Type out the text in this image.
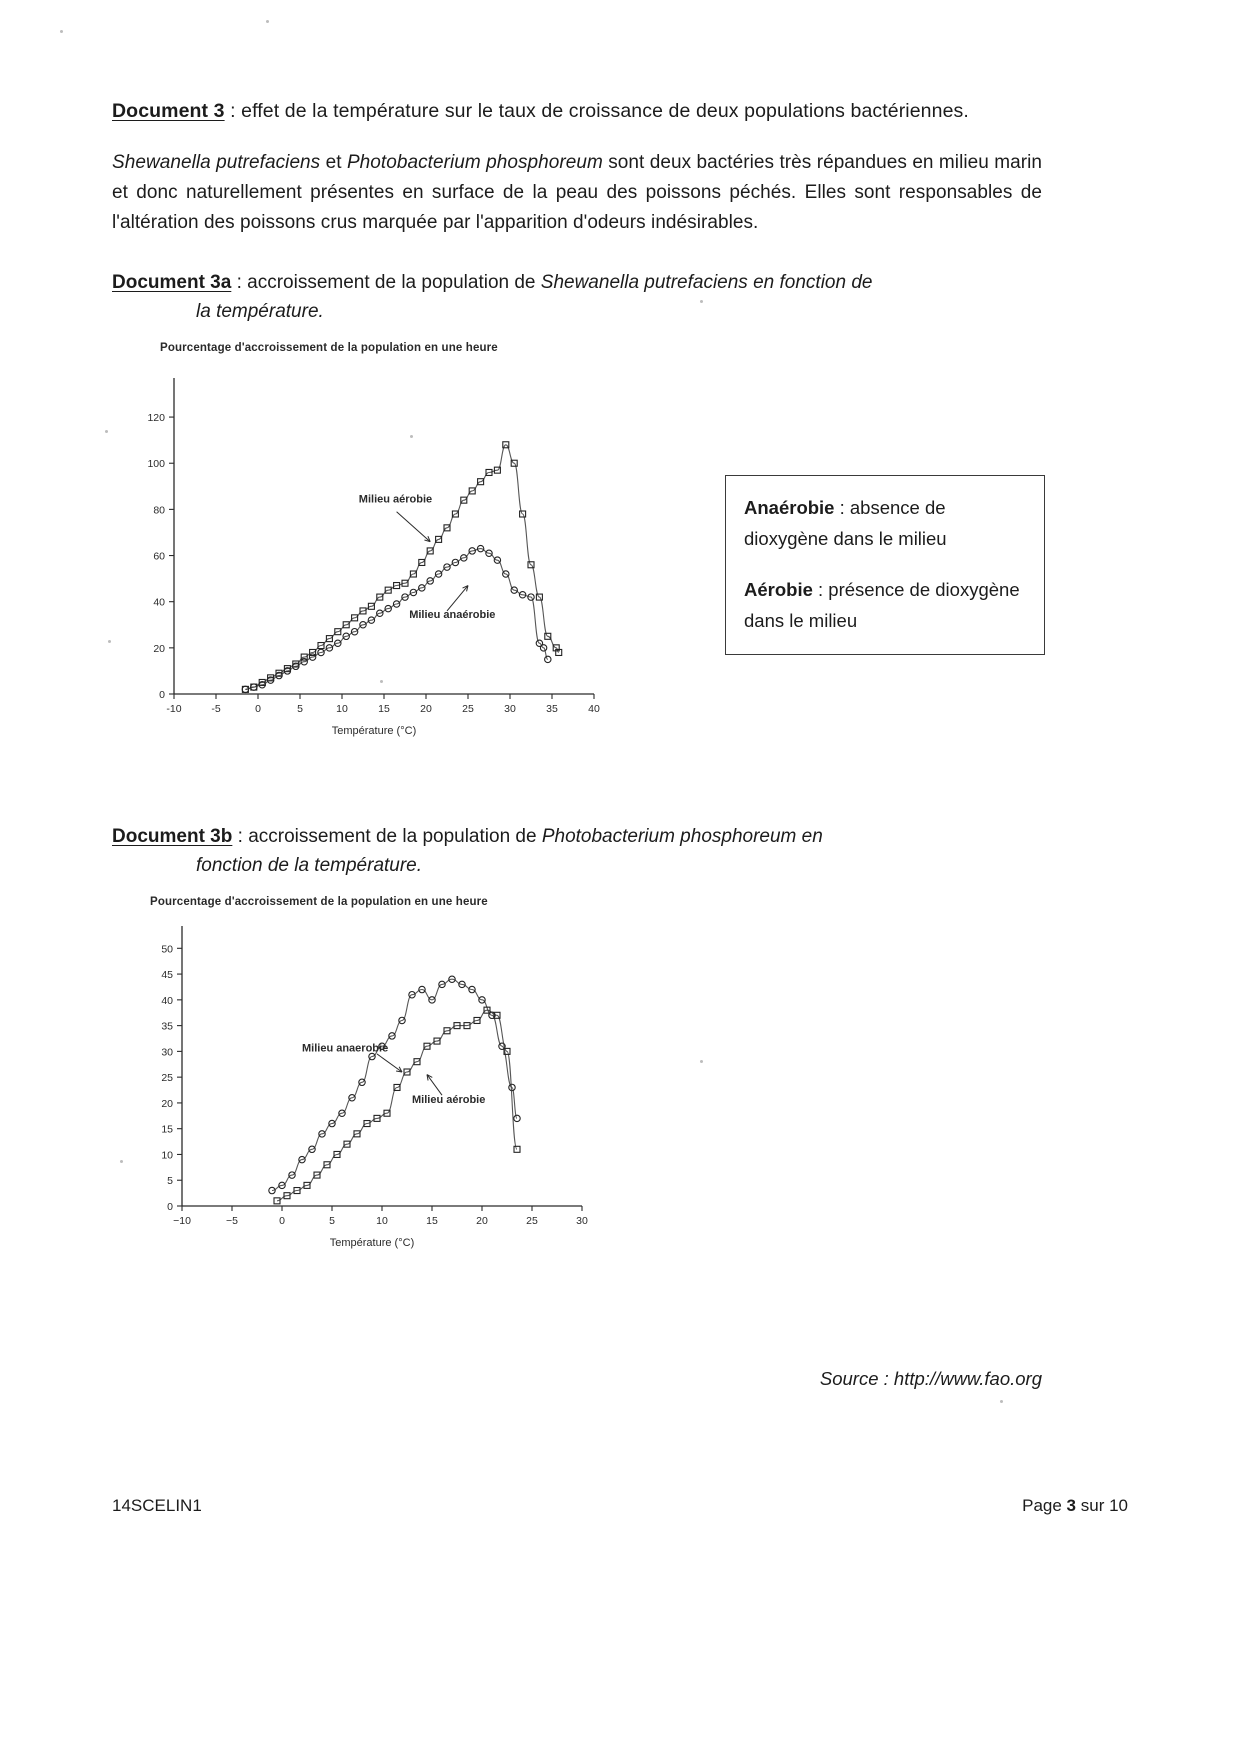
Document 3 : effet de la température sur le taux de croissance de deux populations bactériennes.
Shewanella putrefaciens et Photobacterium phosphoreum sont deux bactéries très répandues en milieu marin et donc naturellement présentes en surface de la peau des poissons péchés. Elles sont responsables de l'altération des poissons crus marquée par l'apparition d'odeurs indésirables.
Document 3a : accroissement de la population de Shewanella putrefaciens en fonction de
la température.
Pourcentage d'accroissement de la population en une heure
0
20
40
60
80
100
120
-10	-5	0	5	10	15	20	25	30	35	40
Température (°C)
Milieu aérobie
Milieu anaérobie
Document 3b : accroissement de la population de Photobacterium phosphoreum en
fonction de la température.
Pourcentage d'accroissement de la population en une heure
0
5
10
15
20
25
30
35
40
45
50
−10	−5	0	5	10	15	20	25	30
Température (°C)
Milieu anaerobie
Milieu aérobie
Source : http://www.fao.org

Anaérobie : absence de dioxygène dans le milieu

Aérobie : présence de dioxygène dans le milieu

14SCELIN1	Page 3 sur 10
